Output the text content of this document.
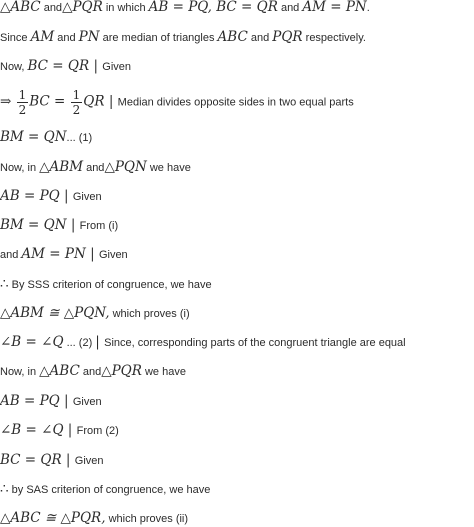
△ABC and△PQR in which AB = PQ, BC = QR and AM = PN.
Since AM and PN are median of triangles ABC and PQR respectively.
Now, BC = QR | Given
⇒ $\frac{1}{2}$ BC = $\frac{1}{2}$ QR | Median divides opposite sides in two equal parts
BM = QN... (1)
Now, in △ABM and△PQN we have
AB = PQ | Given
BM = QN | From (i)
and AM = PN | Given
∴ By SSS criterion of congruence, we have
△ABM ≅ △PQN, which proves (i)
∠B = ∠Q ... (2) | Since, corresponding parts of the congruent triangle are equal
Now, in △ABC and△PQR we have
AB = PQ | Given
∠B = ∠Q | From (2)
BC = QR | Given
∴ by SAS criterion of congruence, we have
△ABC ≅ △PQR, which proves (ii)
